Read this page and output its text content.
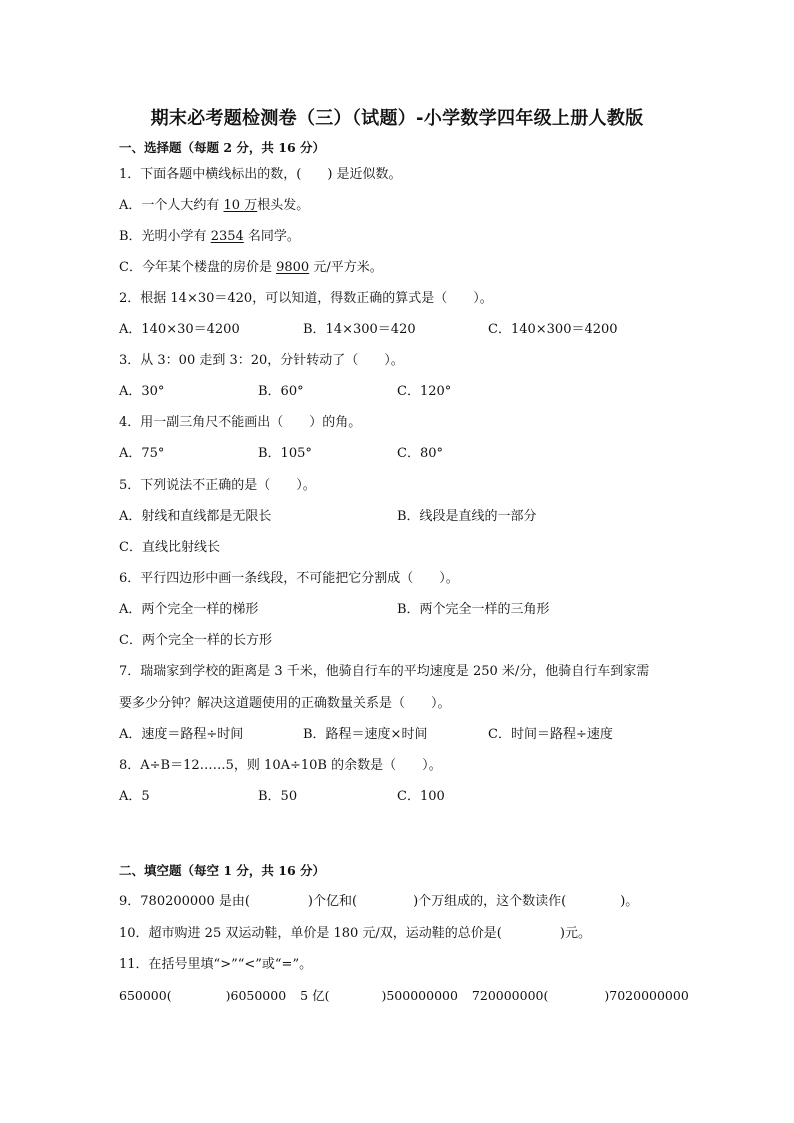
期末必考题检测卷（三）（试题）-小学数学四年级上册人教版
一、选择题（每题 2 分，共 16 分）
1．下面各题中横线标出的数，(　　) 是近似数。
A．一个人大约有 10 万根头发。
B．光明小学有 2354 名同学。
C．今年某个楼盘的房价是 9800 元/平方米。
2．根据 14×30＝420，可以知道，得数正确的算式是（　　）。
A．140×30＝4200	B．14×300＝420	C．140×300＝4200
3．从 3：00 走到 3：20，分针转动了（　　）。
A．30°	B．60°	C．120°
4．用一副三角尺不能画出（　　）的角。
A．75°	B．105°	C．80°
5．下列说法不正确的是（　　）。
A．射线和直线都是无限长	B．线段是直线的一部分
C．直线比射线长
6．平行四边形中画一条线段，不可能把它分割成（　　）。
A．两个完全一样的梯形	B．两个完全一样的三角形
C．两个完全一样的长方形
7．瑞瑞家到学校的距离是 3 千米，他骑自行车的平均速度是 250 米/分，他骑自行车到家需
要多少分钟？解决这道题使用的正确数量关系是（　　）。
A．速度＝路程÷时间	B．路程＝速度×时间	C．时间＝路程÷速度
8．A÷B＝12……5，则 10A÷10B 的余数是（　　）。
A．5	B．50	C．100
二、填空题（每空 1 分，共 16 分）
9．780200000 是由(	)个亿和(	)个万组成的，这个数读作(	)。
10．超市购进 25 双运动鞋，单价是 180 元/双，运动鞋的总价是(	)元。
11．在括号里填“>”“<”或“=”。
650000(	)6050000 5 亿(	)500000000 720000000(	)7020000000
